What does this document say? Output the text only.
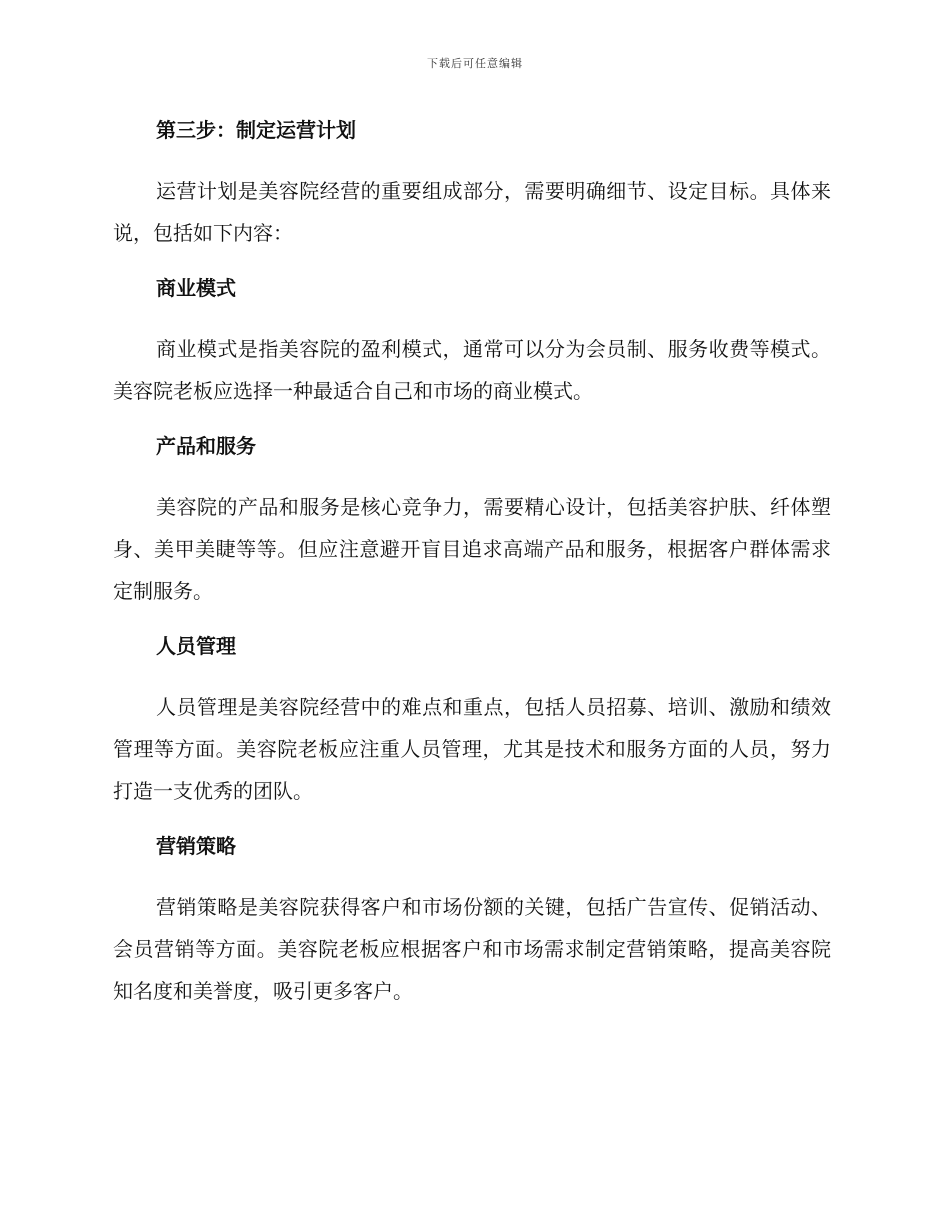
下载后可任意编辑
第三步：制定运营计划

运营计划是美容院经营的重要组成部分，需要明确细节、设定目标。具体来说，包括如下内容：

商业模式

商业模式是指美容院的盈利模式，通常可以分为会员制、服务收费等模式。美容院老板应选择一种最适合自己和市场的商业模式。

产品和服务

美容院的产品和服务是核心竞争力，需要精心设计，包括美容护肤、纤体塑身、美甲美睫等等。但应注意避开盲目追求高端产品和服务，根据客户群体需求定制服务。

人员管理

人员管理是美容院经营中的难点和重点，包括人员招募、培训、激励和绩效管理等方面。美容院老板应注重人员管理，尤其是技术和服务方面的人员，努力打造一支优秀的团队。

营销策略

营销策略是美容院获得客户和市场份额的关键，包括广告宣传、促销活动、会员营销等方面。美容院老板应根据客户和市场需求制定营销策略，提高美容院知名度和美誉度，吸引更多客户。
